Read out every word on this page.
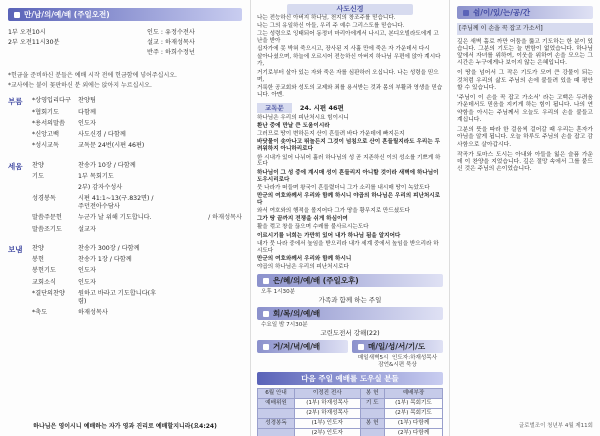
만/남/의/예/배 (주일오전)
1부 오전10시
2부 오전11시30분
인도 : 유정수전사
설교 : 하재성목사
반주 : 하희수정넌
*헌금을 준비하신 분들은 예배 시작 전에 헌금함에 넣어주십시오.
*교사에는 붙이 꽃판하신 분 외에는 앉아지 누르십시오.
부름	*상영입리다구	찬양팀
*협회기도	다함께
*용서의말씀	인도자
*신앙고백	사도신경 / 다함께
*성시교독	교독문 24번(시편 46편)
세움	찬양	찬송가 10장 / 다함께
기도	1부 목회기도
2부) 감자수성사
성경봉독	시편 41:1~13(구.832면) / 주던전아수담사
말씀주문헌	누군가 날 위해 기도합니다.	/ 하재성목사
말씀조기도	설교자
보냄	찬양	찬송가 300장 / 다함께
봉헌	찬송가 1장 / 다함께
봉헌기도	인도자
교회소식	인도자
*결단의찬양	원하고 바라고 기도합니다(후렴)
*축도	하재성목사
하나님은 영이시니 예배하는 자가 영과 진리로 예배할지니라(요4:24)
사도신경

나는 전능하신 아버지 하나님, 천지의 창조주를 믿습니다.

나는 그의 유일하신 아들, 우리 주 예수 그리스도를 믿습니다.

그는 성령으로 잉태되어 동정녀 마리아에게서 나시고, 본디오빌라도에게 고난을 받아

십자가에 못 박혀 죽으시고, 장사된 지 사흘 만에 죽은 자 가운데서 다시

살아나셨으며, 하늘에 오르시어 전능하신 아버지 하나님 우편에 앉아 계시다가,

거기로부터 살아 있는 자와 죽은 자를 심판하러 오십니다. 나는 성령을 믿으며,

거룩한 공교회와 성도의 교제와 죄를 용서받는 것과 몸의 부활과 영생을 믿습니다. 아멘.

교독문	24. 시편 46편

하나님은 우리의 피난처시요 힘이시니

환난 중에 만날 큰 도움이시라

그러므로 땅이 변하든지 산이 흔들려 바다 가운데에 빠지든지

바닷물이 솟아나고 뛰놀든지 그것이 넘침으로 산이 흔들릴지라도 우리는 두려워하지 아니하리로다

한 시내가 있어 나뉘어 흘러 하나님의 성 곧 지존하신 이의 성소를 기쁘게 하도다

하나님이 그 성 중에 계시매 성이 흔들리지 아니할 것이라 새벽에 하나님이 도우시리로다

뭇 나라가 떠들며 왕국이 흔들렸더니 그가 소리를 내시매 땅이 녹았도다

만군의 여호와께서 우리와 함께 하시니 야곱의 하나님은 우리의 피난처시로다

와서 여호와의 행적을 볼지어다 그가 땅을 황무지로 만드셨도다

그가 땅 끝까지 전쟁을 쉬게 하심이여

활을 꺾고 창을 끊으며 수레를 불사르시는도다

이르시기를 너희는 가만히 있어 내가 하나님 됨을 알지어다

내가 뭇 나라 중에서 높임을 받으리라 내가 세계 중에서 높임을 받으리라 하시도다

만군의 여호와께서 우리와 함께 하시니

야곱의 하나님은 우리의 피난처시로다

은/혜/의/예/배 (주일오후)
오후 1시30분
가족과 함께 하는 주일
회/복/의/예/배
수요일 밤 7시30분
고린도전서 강해(22)
거/저/녁/예/배	매/일/성/서/기/도
매일새벽5시 인도자:하재성목사
잠언&시편 묵상
다음 주일 예배를 도우실 분들
6월 안내	이정진 전사	봉 헌	예배부장
예배위원	(1부) 하재성목사	기 도	(1부) 목회기도
	(2부) 하재성목사		(2부) 목회기도
성경봉독	(1부) 인도자	봉 헌	(1부) 다함께
	(2부) 인도자		(2부) 다함께
쉼/이/있/는/공/간
[주님께 이 손을 꼭 잡고 가소서]

깊은 새벽 홀로 까만 어둠을 뚫고 기도하는 한 분이 있습니다. 그분의 기도는 늘 변함이 없었습니다. 하나님 앞에서 자녀를 위하여, 이웃을 위하여 손을 모으는 그 시간은 누구에게나 보이지 않는 은혜입니다.

이 땅을 넘어서 그 작은 기도가 모여 큰 강물이 되는 것처럼 우리의 삶도 주님의 손에 붙들려 있을 때 평안할 수 있습니다.

'주님이 이 손을 꼭 잡고 가소서' 라는 고백은 두려움 가운데서도 믿음을 지키게 하는 힘이 됩니다. 나의 연약함을 아시는 주님께서 오늘도 우리의 손을 붙들고 계십니다.

그분의 뜻을 따라 한 걸음씩 걸어갈 때 우리는 혼자가 아님을 알게 됩니다. 오늘 하루도 주님의 손을 잡고 감사함으로 살아갑시다.

작곡가 토마스 도시는 아내와 아들을 잃은 슬픔 가운데 이 찬양을 지었습니다. 깊은 절망 속에서 그를 붙드신 것은 주님의 손이었습니다.

글로벌조이 청년부 4월 제11회
